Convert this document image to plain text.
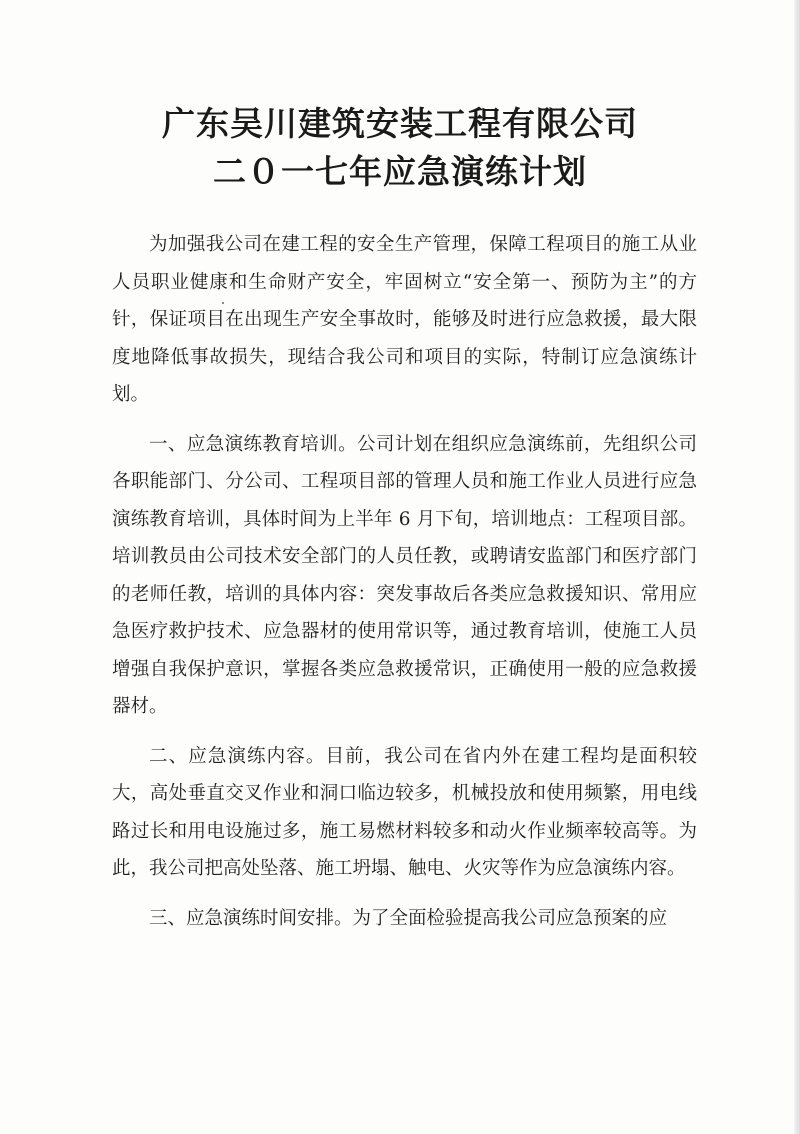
广东吴川建筑安装工程有限公司
二０一七年应急演练计划

为加强我公司在建工程的安全生产管理，保障工程项目的施工从业人员职业健康和生命财产安全，牢固树立“安全第一、预防为主”的方针，保证项目在出现生产安全事故时，能够及时进行应急救援，最大限度地降低事故损失，现结合我公司和项目的实际，特制订应急演练计划。

一、应急演练教育培训。公司计划在组织应急演练前，先组织公司各职能部门、分公司、工程项目部的管理人员和施工作业人员进行应急演练教育培训，具体时间为上半年 6 月下旬，培训地点：工程项目部。培训教员由公司技术安全部门的人员任教，或聘请安监部门和医疗部门的老师任教，培训的具体内容：突发事故后各类应急救援知识、常用应急医疗救护技术、应急器材的使用常识等，通过教育培训，使施工人员增强自我保护意识，掌握各类应急救援常识，正确使用一般的应急救援器材。

二、应急演练内容。目前，我公司在省内外在建工程均是面积较大，高处垂直交叉作业和洞口临边较多，机械投放和使用频繁，用电线路过长和用电设施过多，施工易燃材料较多和动火作业频率较高等。为此，我公司把高处坠落、施工坍塌、触电、火灾等作为应急演练内容。

三、应急演练时间安排。为了全面检验提高我公司应急预案的应
